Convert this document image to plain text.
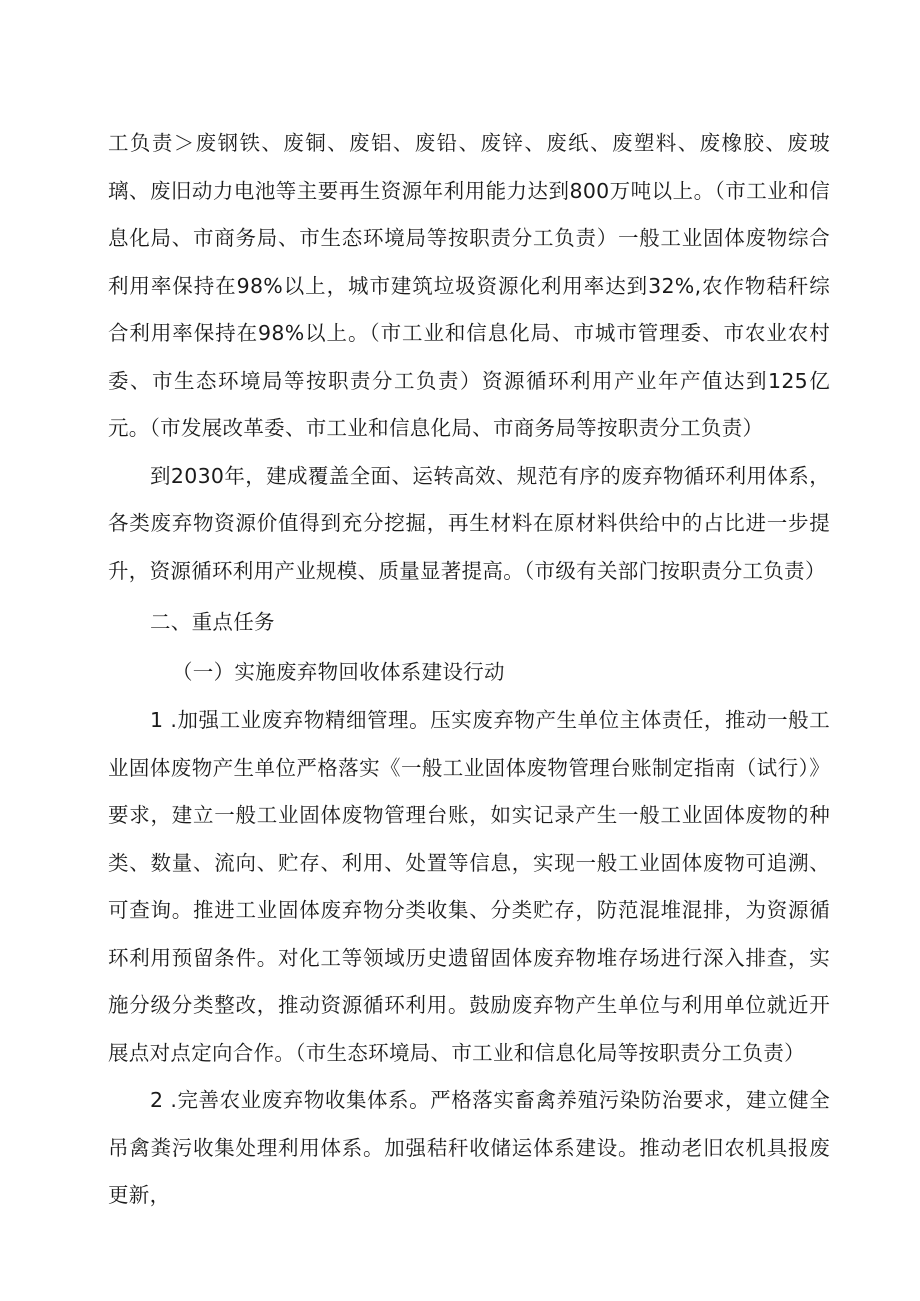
工负责＞废钢铁、废铜、废铝、废铅、废锌、废纸、废塑料、废橡胶、废玻璃、废旧动力电池等主要再生资源年利用能力达到800万吨以上。（市工业和信息化局、市商务局、市生态环境局等按职责分工负责）一般工业固体废物综合利用率保持在98%以上，城市建筑垃圾资源化利用率达到32%,农作物秸秆综合利用率保持在98%以上。（市工业和信息化局、市城市管理委、市农业农村委、市生态环境局等按职责分工负责）资源循环利用产业年产值达到125亿元。（市发展改革委、市工业和信息化局、市商务局等按职责分工负责）

到2030年，建成覆盖全面、运转高效、规范有序的废弃物循环利用体系，各类废弃物资源价值得到充分挖掘，再生材料在原材料供给中的占比进一步提升，资源循环利用产业规模、质量显著提高。（市级有关部门按职责分工负责）

二、重点任务

（一）实施废弃物回收体系建设行动

1 .加强工业废弃物精细管理。压实废弃物产生单位主体责任，推动一般工业固体废物产生单位严格落实《一般工业固体废物管理台账制定指南（试行）》要求，建立一般工业固体废物管理台账，如实记录产生一般工业固体废物的种类、数量、流向、贮存、利用、处置等信息，实现一般工业固体废物可追溯、可查询。推进工业固体废弃物分类收集、分类贮存，防范混堆混排，为资源循环利用预留条件。对化工等领域历史遗留固体废弃物堆存场进行深入排查，实施分级分类整改，推动资源循环利用。鼓励废弃物产生单位与利用单位就近开展点对点定向合作。（市生态环境局、市工业和信息化局等按职责分工负责）

2 .完善农业废弃物收集体系。严格落实畜禽养殖污染防治要求，建立健全吊禽粪污收集处理利用体系。加强秸秆收储运体系建设。推动老旧农机具报废更新，
